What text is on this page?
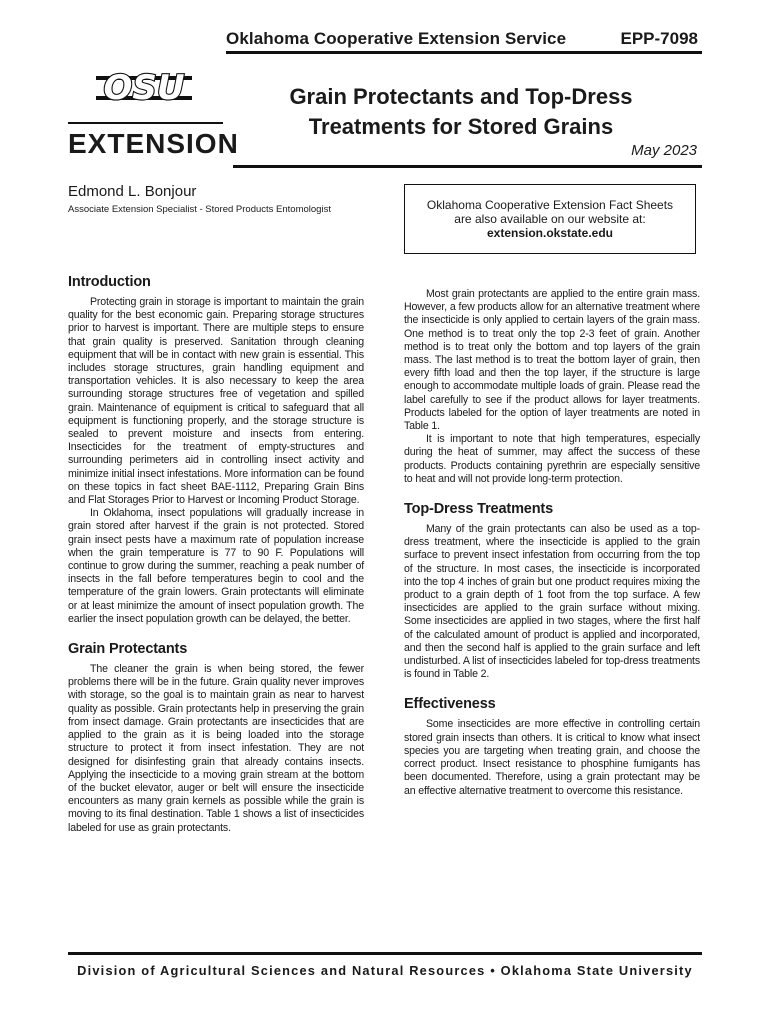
Oklahoma Cooperative Extension Service	EPP-7098
OSU
EXTENSION
Grain Protectants and Top-Dress
Treatments for Stored Grains
May 2023
Edmond L. Bonjour
Associate Extension Specialist - Stored Products Entomologist	Oklahoma Cooperative Extension Fact Sheets
are also available on our website at:
extension.okstate.edu
Introduction

Protecting grain in storage is important to maintain the grain quality for the best economic gain. Preparing storage structures prior to harvest is important. There are multiple steps to ensure that grain quality is preserved. Sanitation through cleaning equipment that will be in contact with new grain is essential. This includes storage structures, grain handling equipment and transportation vehicles. It is also necessary to keep the area surrounding storage structures free of vegetation and spilled grain. Maintenance of equipment is critical to safeguard that all equipment is functioning properly, and the storage structure is sealed to prevent moisture and insects from entering. Insecticides for the treatment of empty-structures and surrounding perimeters aid in controlling insect activity and minimize initial insect infestations. More information can be found on these topics in fact sheet BAE-1112, Preparing Grain Bins and Flat Storages Prior to Harvest or Incoming Product Storage.

In Oklahoma, insect populations will gradually increase in grain stored after harvest if the grain is not protected. Stored grain insect pests have a maximum rate of population increase when the grain temperature is 77 to 90 F. Populations will continue to grow during the summer, reaching a peak number of insects in the fall before temperatures begin to cool and the temperature of the grain lowers. Grain protectants will eliminate or at least minimize the amount of insect population growth. The earlier the insect population growth can be delayed, the better.

Grain Protectants

The cleaner the grain is when being stored, the fewer problems there will be in the future. Grain quality never improves with storage, so the goal is to maintain grain as near to harvest quality as possible. Grain protectants help in preserving the grain from insect damage. Grain protectants are insecticides that are applied to the grain as it is being loaded into the storage structure to protect it from insect infestation. They are not designed for disinfesting grain that already contains insects. Applying the insecticide to a moving grain stream at the bottom of the bucket elevator, auger or belt will ensure the insecticide encounters as many grain kernels as possible while the grain is moving to its final destination. Table 1 shows a list of insecticides labeled for use as grain protectants.

Most grain protectants are applied to the entire grain mass. However, a few products allow for an alternative treatment where the insecticide is only applied to certain layers of the grain mass. One method is to treat only the top 2-3 feet of grain. Another method is to treat only the bottom and top layers of the grain mass. The last method is to treat the bottom layer of grain, then every fifth load and then the top layer, if the structure is large enough to accommodate multiple loads of grain. Please read the label carefully to see if the product allows for layer treatments. Products labeled for the option of layer treatments are noted in Table 1.

It is important to note that high temperatures, especially during the heat of summer, may affect the success of these products. Products containing pyrethrin are especially sensitive to heat and will not provide long-term protection.

Top-Dress Treatments

Many of the grain protectants can also be used as a top-dress treatment, where the insecticide is applied to the grain surface to prevent insect infestation from occurring from the top of the structure. In most cases, the insecticide is incorporated into the top 4 inches of grain but one product requires mixing the product to a grain depth of 1 foot from the top surface. A few insecticides are applied to the grain surface without mixing. Some insecticides are applied in two stages, where the first half of the calculated amount of product is applied and incorporated, and then the second half is applied to the grain surface and left undisturbed. A list of insecticides labeled for top-dress treatments is found in Table 2.

Effectiveness

Some insecticides are more effective in controlling certain stored grain insects than others. It is critical to know what insect species you are targeting when treating grain, and choose the correct product. Insect resistance to phosphine fumigants has been documented. Therefore, using a grain protectant may be an effective alternative treatment to overcome this resistance.

Division of Agricultural Sciences and Natural Resources • Oklahoma State University
